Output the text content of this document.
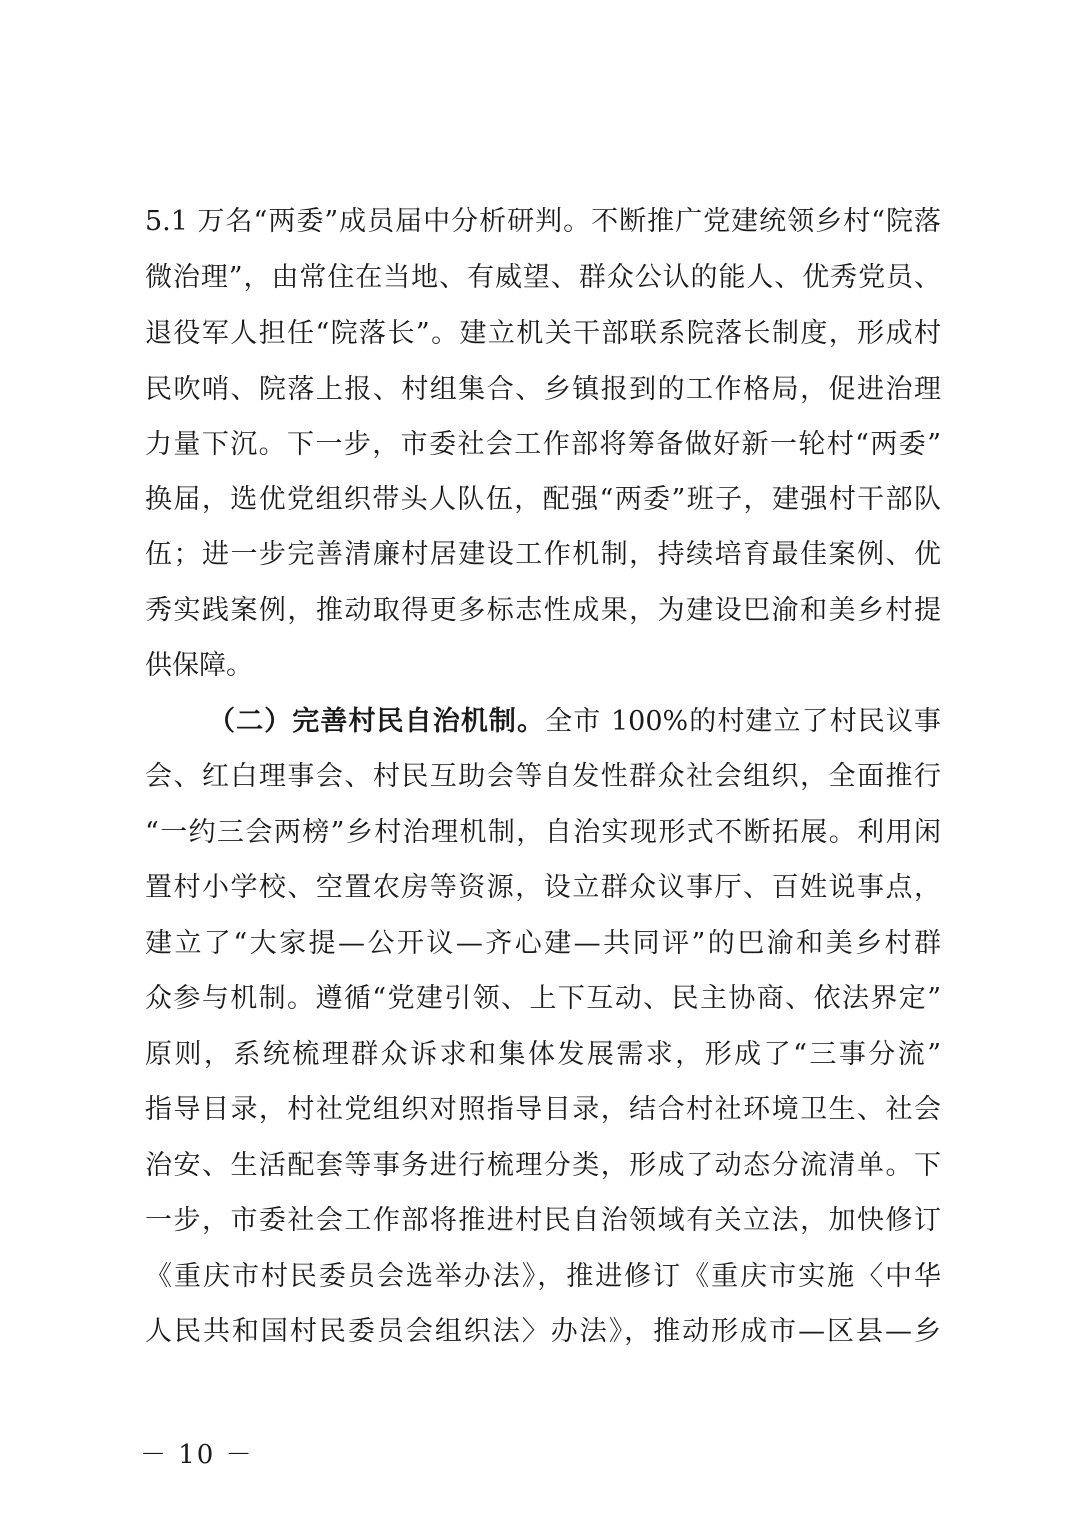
5.1 万名“两委”成员届中分析研判。不断推广党建统领乡村“院落
微治理”，由常住在当地、有威望、群众公认的能人、优秀党员、
退役军人担任“院落长”。建立机关干部联系院落长制度，形成村
民吹哨、院落上报、村组集合、乡镇报到的工作格局，促进治理
力量下沉。下一步，市委社会工作部将筹备做好新一轮村“两委”
换届，选优党组织带头人队伍，配强“两委”班子，建强村干部队
伍；进一步完善清廉村居建设工作机制，持续培育最佳案例、优
秀实践案例，推动取得更多标志性成果，为建设巴渝和美乡村提
供保障。
（二）完善村民自治机制。全市 100%的村建立了村民议事
会、红白理事会、村民互助会等自发性群众社会组织，全面推行
“一约三会两榜”乡村治理机制，自治实现形式不断拓展。利用闲
置村小学校、空置农房等资源，设立群众议事厅、百姓说事点，
建立了“大家提—公开议—齐心建—共同评”的巴渝和美乡村群
众参与机制。遵循“党建引领、上下互动、民主协商、依法界定”
原则，系统梳理群众诉求和集体发展需求，形成了“三事分流”
指导目录，村社党组织对照指导目录，结合村社环境卫生、社会
治安、生活配套等事务进行梳理分类，形成了动态分流清单。下
一步，市委社会工作部将推进村民自治领域有关立法，加快修订
《重庆市村民委员会选举办法》，推进修订《重庆市实施〈中华
人民共和国村民委员会组织法〉办法》，推动形成市—区县—乡
－ 10 －
